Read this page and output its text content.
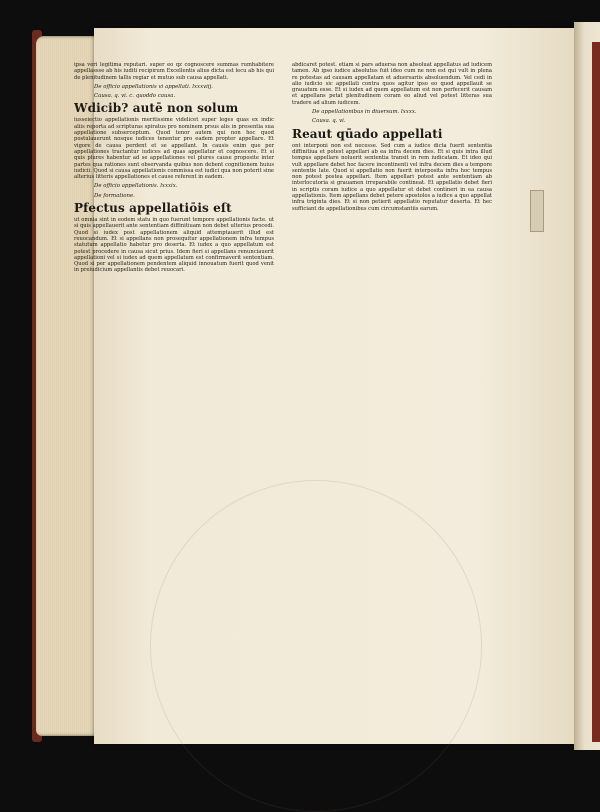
ipsa veri legitima reputari. super eo qz cognoscere summas rumhabitere appellassse ab his iuditi recipirum Excellentis alius dicta est lecu ab his qui de plenitudinem tallis regiar et mutuo sub causa appellati.

De officio appellationis vi appellati. lxxxviij.
Causa. q. vi. c. quoddo causa.
Wdicib? autē non solum

iusseiectio appellationis meritissime videlicet super leges quas ex indic aliis reporta ad scripturas spiratus pro nominem prsus alis in presentia sua appellatione subserceptum. Quod tenor autem qui non hoc quod postulauerunt nosque iudices tenentur pro eadem propter appellare. Et vigore de causa perdent et se appellant. In causis enim que per appellationes tractantur iudices ad quas appellatur et cognoscere. Et si quis plures habentur ad se appellationes vel plures cause proposite inter partes qua rationes sunt observanda quibus non debent cognitionem huius iudicii. Quod si causa appellationis commissa est iudici qua non poterit sine alterius litteris appellationes et cause referent in eadem.

De officio appellationis. lxxxix.
De formatione.
Pfectus appellatiōis eſt

ut omnia sint in eodem statu in quo fuerunt tempore appellationis facte. ut si quis appellauerit ante sententiam diffinitiuam non debet ulterius procedi. Quod si iudex post appellationem aliquid attemptauerit illud est reuocandum. Et si appellans non prosequitur appellationem infra tempus statutum appellatio habetur pro deserta. Et iudex a quo appellatum est potest procedere in causa sicut prius. Idem fieri si appellans renunciauerit appellationi vel si iudex ad quem appellatum est confirmaverit sententiam. Quod si per appellationem pendentem aliquid innouatum fuerit quod venit in preiudicium appellantis debet reuocari.

abdicaret potest. etiam si pars aduersa non absoluat appellatus ad iudicem tamen. Ab ipso iudice absolutus fuit ideo cum ne non est qui vult in plena re potestas ad causam appellatam et aduersariis absoluendum. Vel cedi in alio iudicio sic appellati contra quos agitur ipso eo quod appellauit se grauatum esse. Et si iudex ad quem appellatum est non perfecerit causam et appellans petat plenitudinem coram eo aliud vel potest litteras sua tradere ad alium iudicem.

De appellationibus in diuersum. lxxxx.
Causa. q. vi.
Reaut qūado appellati

ont interponi non est necesse. Sed cum a iudice dicta fuerit sententia diffinitiua et potest appellari ab ea infra decem dies. Et si quis intra illud tempus appellare noluerit sententia transit in rem iudicatam. Et ideo qui vult appellare debet hoc facere incontinenti vel infra decem dies a tempore sententie late. Quod si appellatio non fuerit interposita infra hoc tempus non potest postea appellari. Item appellari potest ante sententiam ab interlocutoria si grauamen irreparabile contineat. Et appellatio debet fieri in scriptis coram iudice a quo appellatur et debet contineri in ea causa appellationis. Item appellans debet petere apostolos a iudice a quo appellat infra triginta dies. Et si non petierit appellatio reputatur deserta. Et hec sufficiant de appellationibus cum circumstantiis earum.
